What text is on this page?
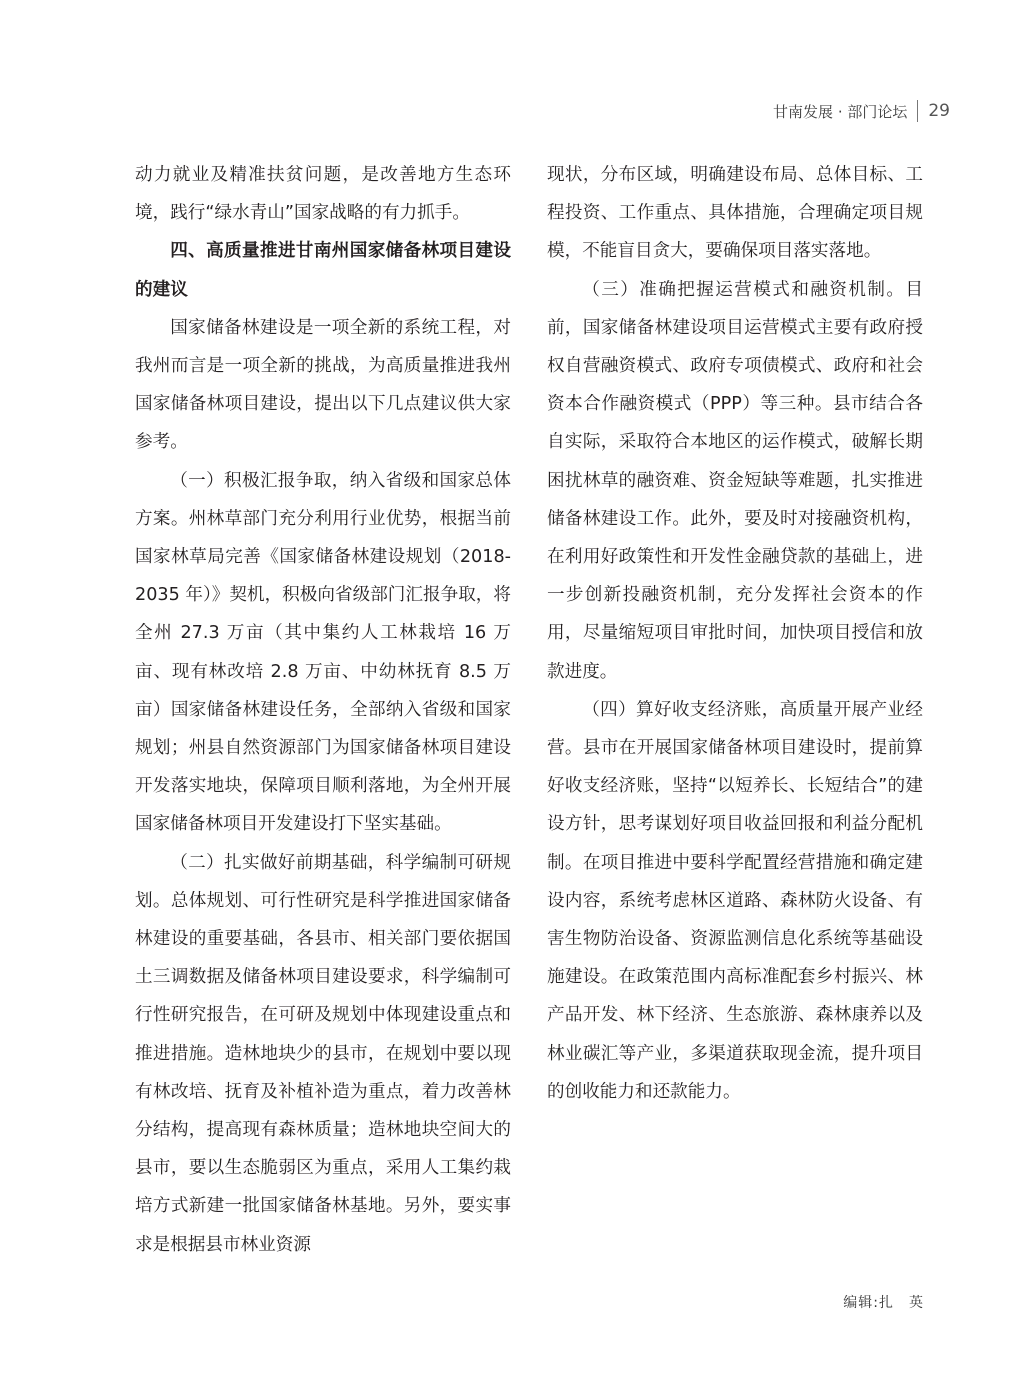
甘南发展 · 部门论坛 29

动力就业及精准扶贫问题，是改善地方生态环境，践行“绿水青山”国家战略的有力抓手。

四、高质量推进甘南州国家储备林项目建设的建议

国家储备林建设是一项全新的系统工程，对我州而言是一项全新的挑战，为高质量推进我州国家储备林项目建设，提出以下几点建议供大家参考。

（一）积极汇报争取，纳入省级和国家总体方案。州林草部门充分利用行业优势，根据当前国家林草局完善《国家储备林建设规划（2018-2035 年）》契机，积极向省级部门汇报争取，将全州 27.3 万亩（其中集约人工林栽培 16 万亩、现有林改培 2.8 万亩、中幼林抚育 8.5 万亩）国家储备林建设任务，全部纳入省级和国家规划；州县自然资源部门为国家储备林项目建设开发落实地块，保障项目顺利落地，为全州开展国家储备林项目开发建设打下坚实基础。

（二）扎实做好前期基础，科学编制可研规划。总体规划、可行性研究是科学推进国家储备林建设的重要基础，各县市、相关部门要依据国土三调数据及储备林项目建设要求，科学编制可行性研究报告，在可研及规划中体现建设重点和推进措施。造林地块少的县市，在规划中要以现有林改培、抚育及补植补造为重点，着力改善林分结构，提高现有森林质量；造林地块空间大的县市，要以生态脆弱区为重点，采用人工集约栽培方式新建一批国家储备林基地。另外，要实事求是根据县市林业资源

现状，分布区域，明确建设布局、总体目标、工程投资、工作重点、具体措施，合理确定项目规模，不能盲目贪大，要确保项目落实落地。

（三）准确把握运营模式和融资机制。目前，国家储备林建设项目运营模式主要有政府授权自营融资模式、政府专项债模式、政府和社会资本合作融资模式（PPP）等三种。县市结合各自实际，采取符合本地区的运作模式，破解长期困扰林草的融资难、资金短缺等难题，扎实推进储备林建设工作。此外，要及时对接融资机构，在利用好政策性和开发性金融贷款的基础上，进一步创新投融资机制，充分发挥社会资本的作用，尽量缩短项目审批时间，加快项目授信和放款进度。

（四）算好收支经济账，高质量开展产业经营。县市在开展国家储备林项目建设时，提前算好收支经济账，坚持“以短养长、长短结合”的建设方针，思考谋划好项目收益回报和利益分配机制。在项目推进中要科学配置经营措施和确定建设内容，系统考虑林区道路、森林防火设备、有害生物防治设备、资源监测信息化系统等基础设施建设。在政策范围内高标准配套乡村振兴、林产品开发、林下经济、生态旅游、森林康养以及林业碳汇等产业，多渠道获取现金流，提升项目的创收能力和还款能力。

编辑:扎　英
